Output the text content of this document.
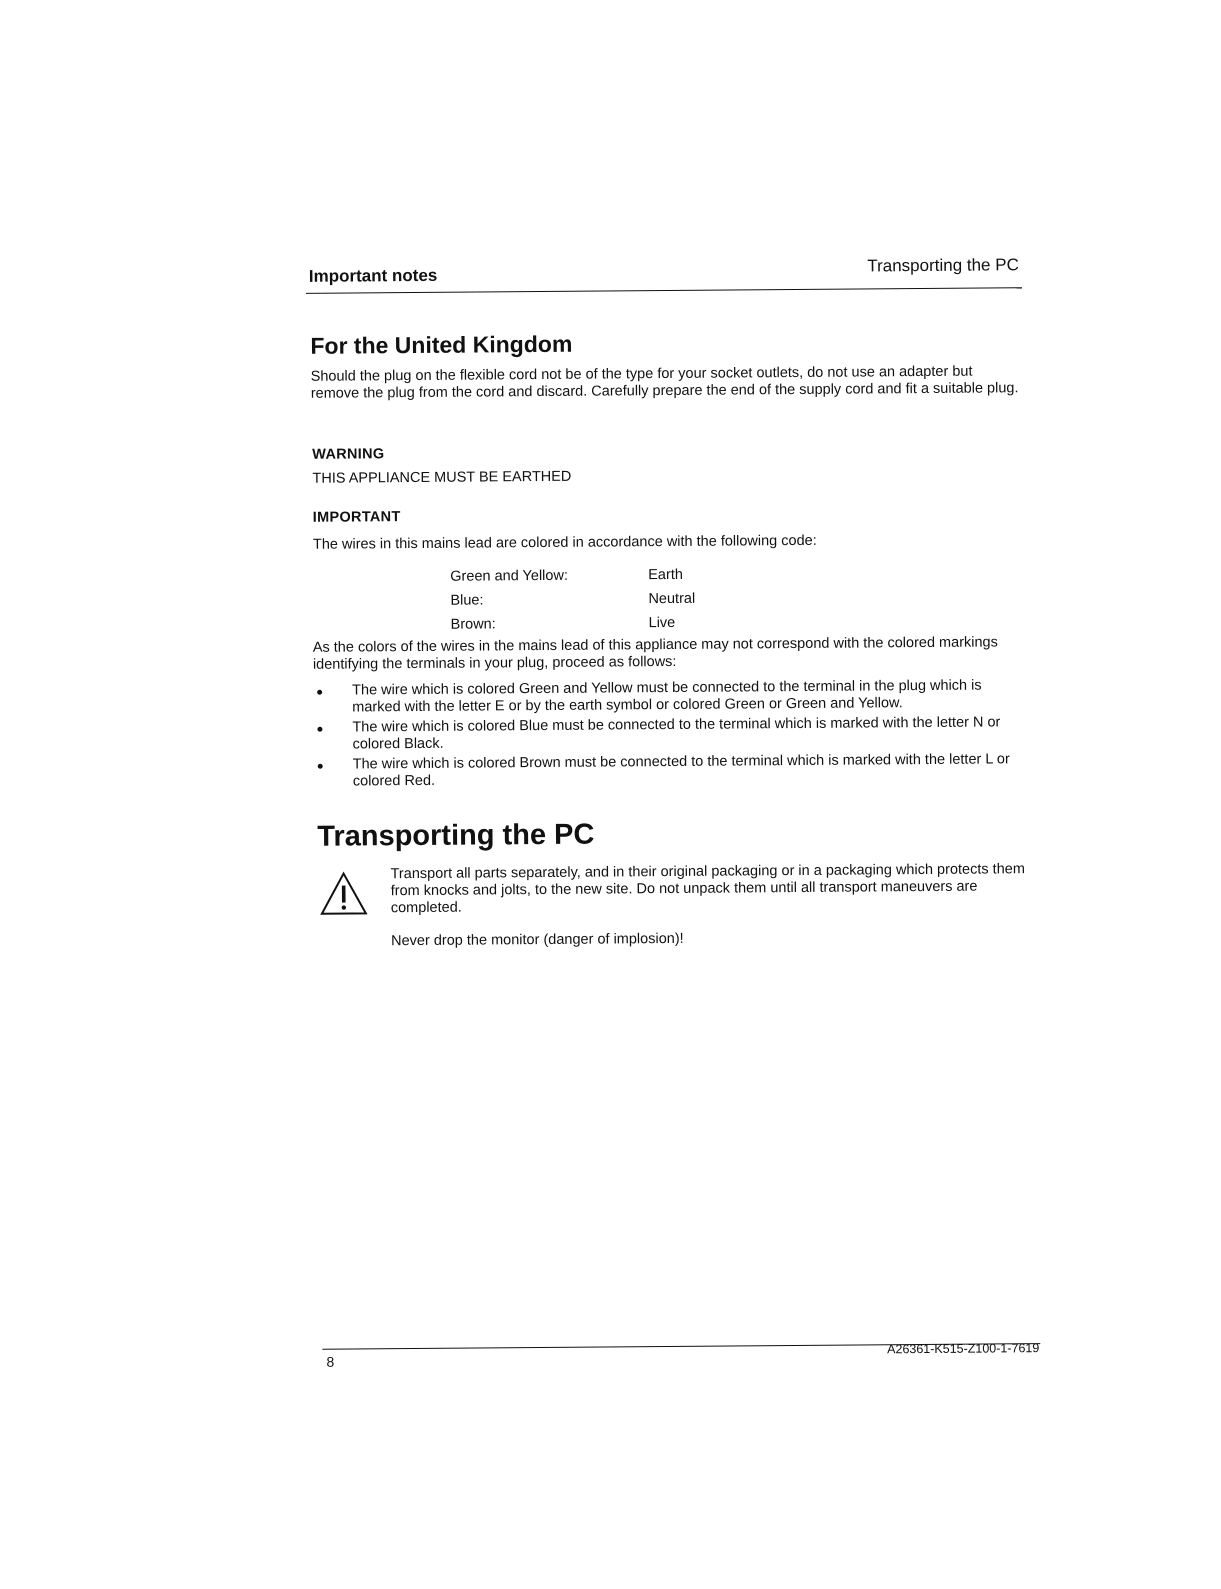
Important notes
Transporting the PC
For the United Kingdom

Should the plug on the flexible cord not be of the type for your socket outlets, do not use an adapter but remove the plug from the cord and discard. Carefully prepare the end of the supply cord and fit a suitable plug.

WARNING
THIS APPLIANCE MUST BE EARTHED
IMPORTANT
The wires in this mains lead are colored in accordance with the following code:
Green and Yellow:	Earth
Blue:	Neutral
Brown:	Live

As the colors of the wires in the mains lead of this appliance may not correspond with the colored markings identifying the terminals in your plug, proceed as follows:

The wire which is colored Green and Yellow must be connected to the terminal in the plug which is marked with the letter E or by the earth symbol or colored Green or Green and Yellow.
The wire which is colored Blue must be connected to the terminal which is marked with the letter N or colored Black.
The wire which is colored Brown must be connected to the terminal which is marked with the letter L or colored Red.
Transporting the PC

Transport all parts separately, and in their original packaging or in a packaging which protects them from knocks and jolts, to the new site. Do not unpack them until all transport maneuvers are completed.

Never drop the monitor (danger of implosion)!

8
A26361-K515-Z100-1-7619
